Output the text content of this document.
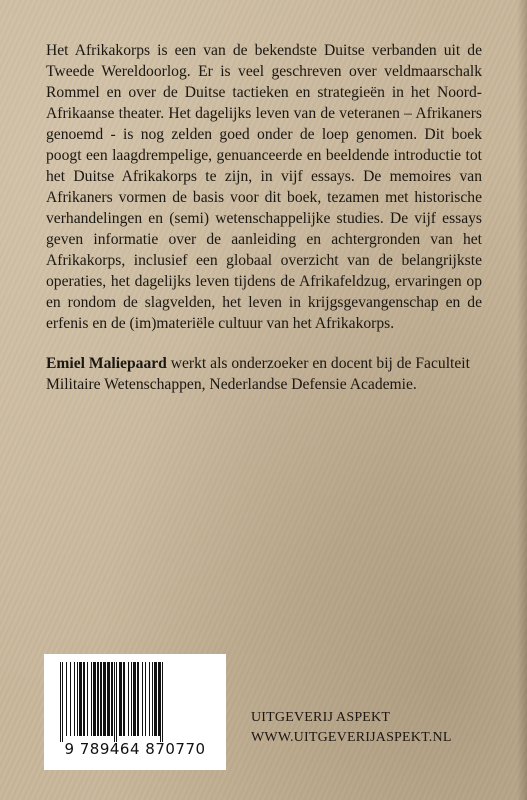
Het Afrikakorps is een van de bekendste Duitse verbanden uit de Tweede Wereldoorlog. Er is veel geschreven over veldmaarschalk Rommel en over de Duitse tactieken en strategieën in het Noord-Afrikaanse theater. Het dagelijks leven van de veteranen – Afrikaners genoemd - is nog zelden goed onder de loep genomen. Dit boek poogt een laagdrempelige, genuanceerde en beeldende introductie tot het Duitse Afrikakorps te zijn, in vijf essays. De memoires van Afrikaners vormen de basis voor dit boek, tezamen met historische verhandelingen en (semi) wetenschappelijke studies. De vijf essays geven informatie over de aanleiding en achtergronden van het Afrikakorps, inclusief een globaal overzicht van de belangrijkste operaties, het dagelijks leven tijdens de Afrikafeldzug, ervaringen op en rondom de slagvelden, het leven in krijgsgevangenschap en de erfenis en de (im)materiële cultuur van het Afrikakorps.

Emiel Maliepaard werkt als onderzoeker en docent bij de Faculteit Militaire Wetenschappen, Nederlandse Defensie Academie.

9 789464 870770
UITGEVERIJ ASPEKT
WWW.UITGEVERIJASPEKT.NL
